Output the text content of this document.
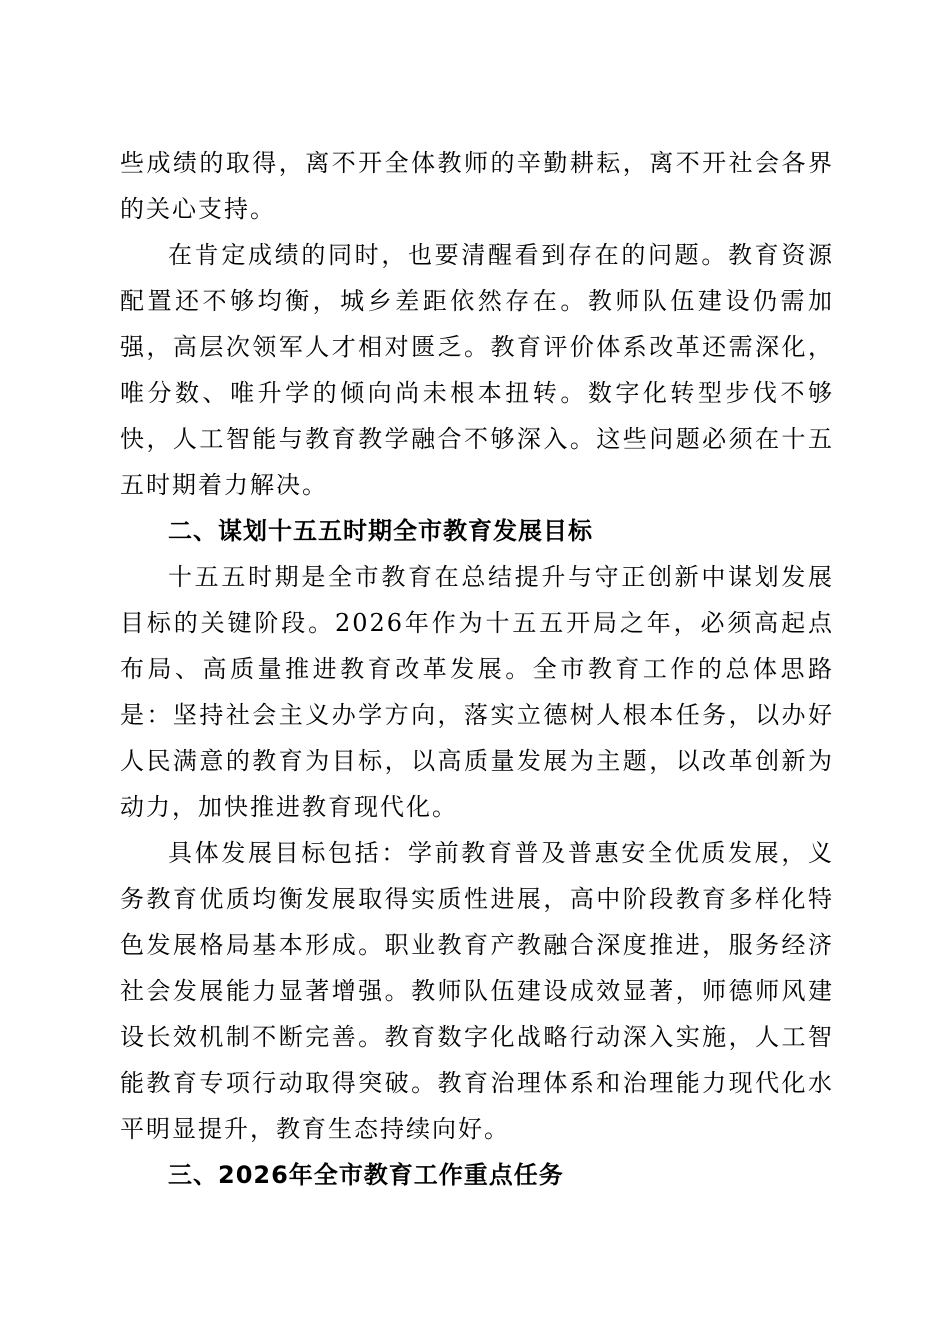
些成绩的取得，离不开全体教师的辛勤耕耘，离不开社会各界的关心支持。

在肯定成绩的同时，也要清醒看到存在的问题。教育资源配置还不够均衡，城乡差距依然存在。教师队伍建设仍需加强，高层次领军人才相对匮乏。教育评价体系改革还需深化，唯分数、唯升学的倾向尚未根本扭转。数字化转型步伐不够快，人工智能与教育教学融合不够深入。这些问题必须在十五五时期着力解决。

二、谋划十五五时期全市教育发展目标

十五五时期是全市教育在总结提升与守正创新中谋划发展目标的关键阶段。2026年作为十五五开局之年，必须高起点布局、高质量推进教育改革发展。全市教育工作的总体思路是：坚持社会主义办学方向，落实立德树人根本任务，以办好人民满意的教育为目标，以高质量发展为主题，以改革创新为动力，加快推进教育现代化。

具体发展目标包括：学前教育普及普惠安全优质发展，义务教育优质均衡发展取得实质性进展，高中阶段教育多样化特色发展格局基本形成。职业教育产教融合深度推进，服务经济社会发展能力显著增强。教师队伍建设成效显著，师德师风建设长效机制不断完善。教育数字化战略行动深入实施，人工智能教育专项行动取得突破。教育治理体系和治理能力现代化水平明显提升，教育生态持续向好。

三、2026年全市教育工作重点任务
